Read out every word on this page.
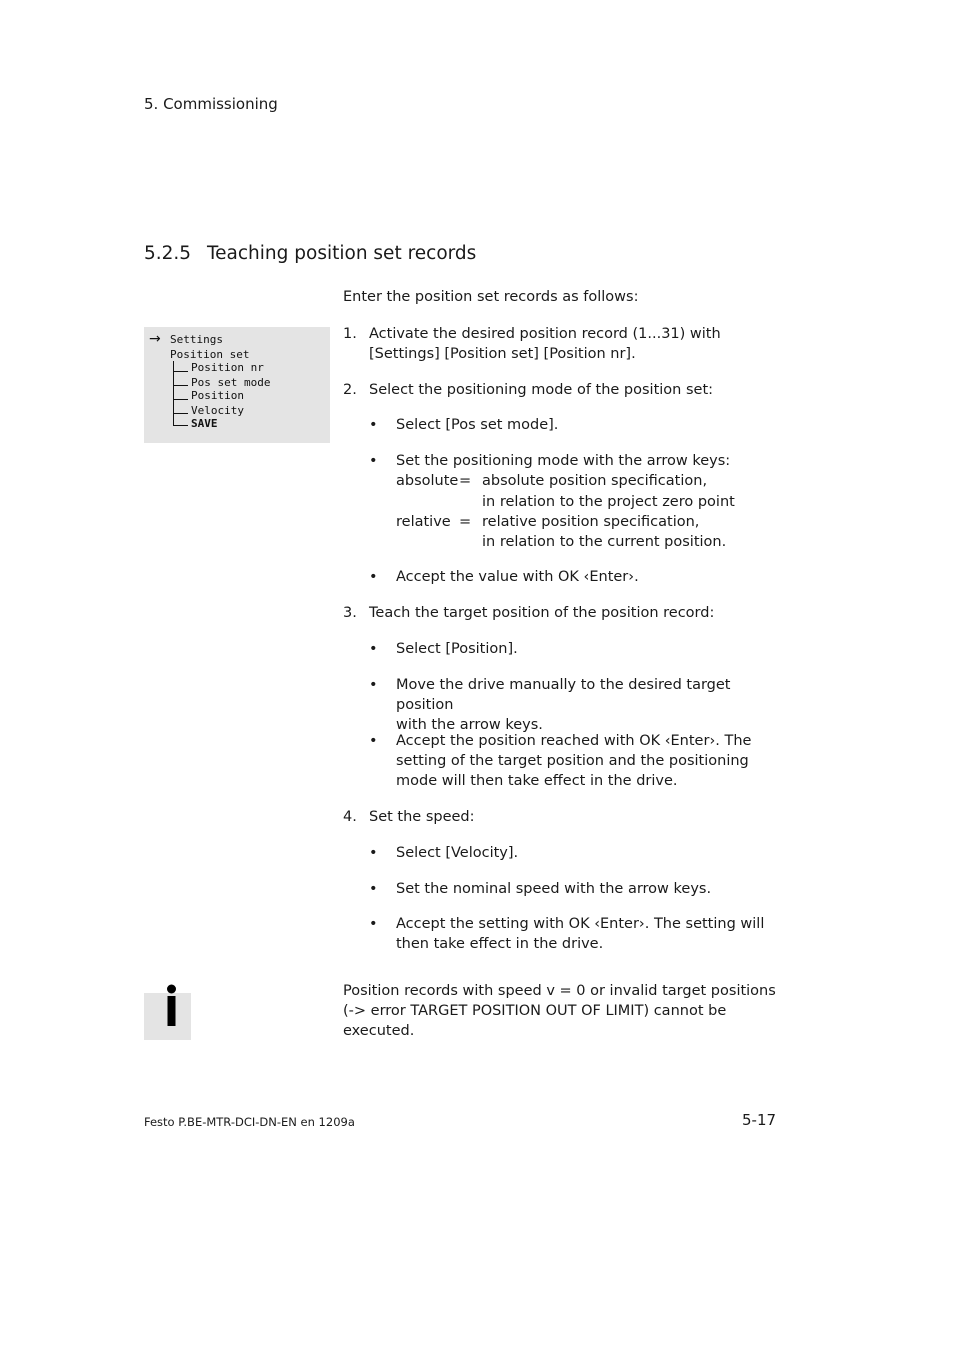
5. Commissioning
5.2.5 Teaching position set records
Enter the position set records as follows:
→ Settings
Position set
Position nr
Pos set mode
Position
Velocity
SAVE
1. Activate the desired position record (1...31) with
[Settings] [Position set] [Position nr].
2. Select the positioning mode of the position set:
• Select [Pos set mode].
• Set the positioning mode with the arrow keys:
absolute = absolute position specification,
in relation to the project zero point
relative = relative position specification,
in relation to the current position.
• Accept the value with OK ‹Enter›.
3. Teach the target position of the position record:
• Select [Position].
• Move the drive manually to the desired target position
with the arrow keys.
• Accept the position reached with OK ‹Enter›. The
setting of the target position and the positioning
mode will then take effect in the drive.
4. Set the speed:
• Select [Velocity].
• Set the nominal speed with the arrow keys.
• Accept the setting with OK ‹Enter›. The setting will
then take effect in the drive.
Position records with speed v = 0 or invalid target positions
(-> error TARGET POSITION OUT OF LIMIT) cannot be
executed.
Festo P.BE-MTR-DCI-DN-EN en 1209a	5-17
